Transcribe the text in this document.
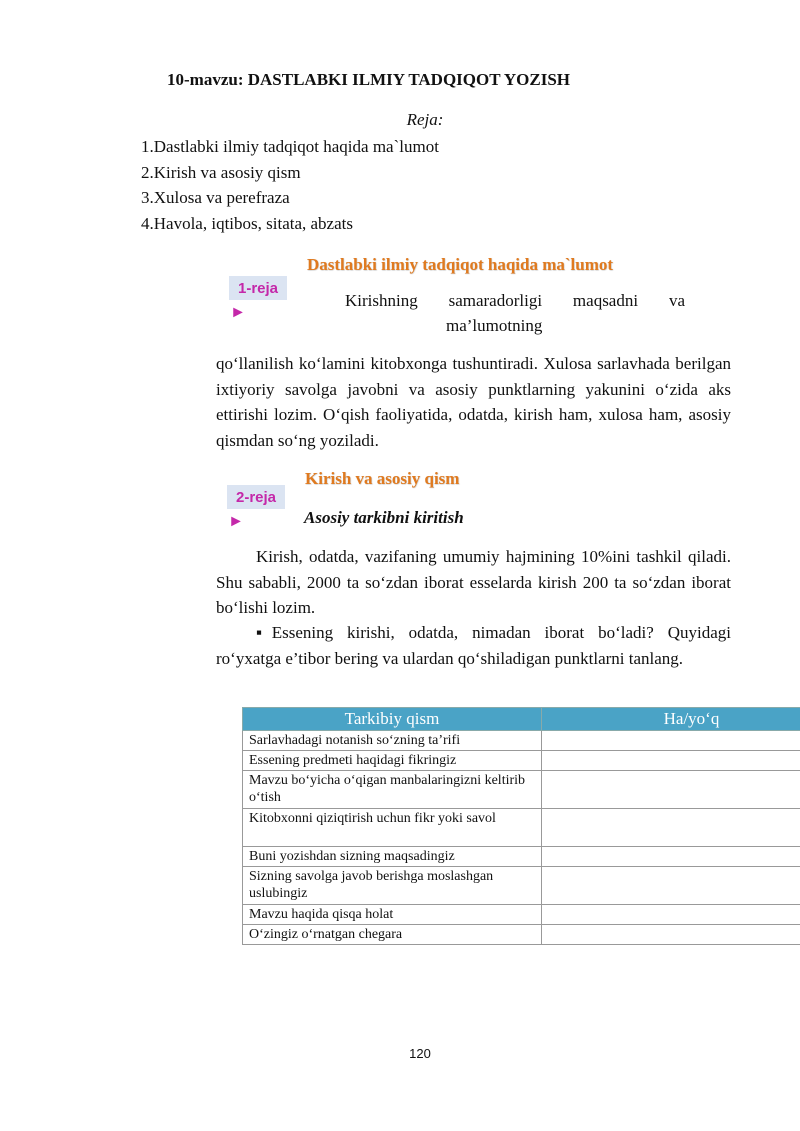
10-mavzu: DASTLABKI ILMIY TADQIQOT YOZISH
Reja:
1.Dastlabki ilmiy tadqiqot haqida ma`lumot
2.Kirish va asosiy qism
3.Xulosa va perefraza
4.Havola, iqtibos, sitata, abzats
Dastlabki ilmiy tadqiqot haqida ma`lumot
1-reja
►
Kirishning samaradorligi maqsadni va
ma’lumotning
qo‘llanilish ko‘lamini kitobxonga tushuntiradi. Xulosa sarlavhada berilgan ixtiyoriy savolga javobni va asosiy punktlarning yakunini o‘zida aks ettirishi lozim. O‘qish faoliyatida, odatda, kirish ham, xulosa ham, asosiy qismdan so‘ng yoziladi.
Kirish va asosiy qism
2-reja
►	Asosiy tarkibni kiritish
Kirish, odatda, vazifaning umumiy hajmining 10%ini tashkil qiladi. Shu sababli, 2000 ta so‘zdan iborat esselarda kirish 200 ta so‘zdan iborat bo‘lishi lozim.
▪Essening kirishi, odatda, nimadan iborat bo‘ladi? Quyidagi ro‘yxatga e’tibor bering va ulardan qo‘shiladigan punktlarni tanlang.
Tarkibiy qism	Ha/yo‘q
Sarlavhadagi notanish so‘zning ta’rifi	
Essening predmeti haqidagi fikringiz	
Mavzu bo‘yicha o‘qigan manbalaringizni keltirib o‘tish	
Kitobxonni qiziqtirish uchun fikr yoki savol	
Buni yozishdan sizning maqsadingiz	
Sizning savolga javob berishga moslashgan uslubingiz	
Mavzu haqida qisqa holat	
O‘zingiz o‘rnatgan chegara	
120
